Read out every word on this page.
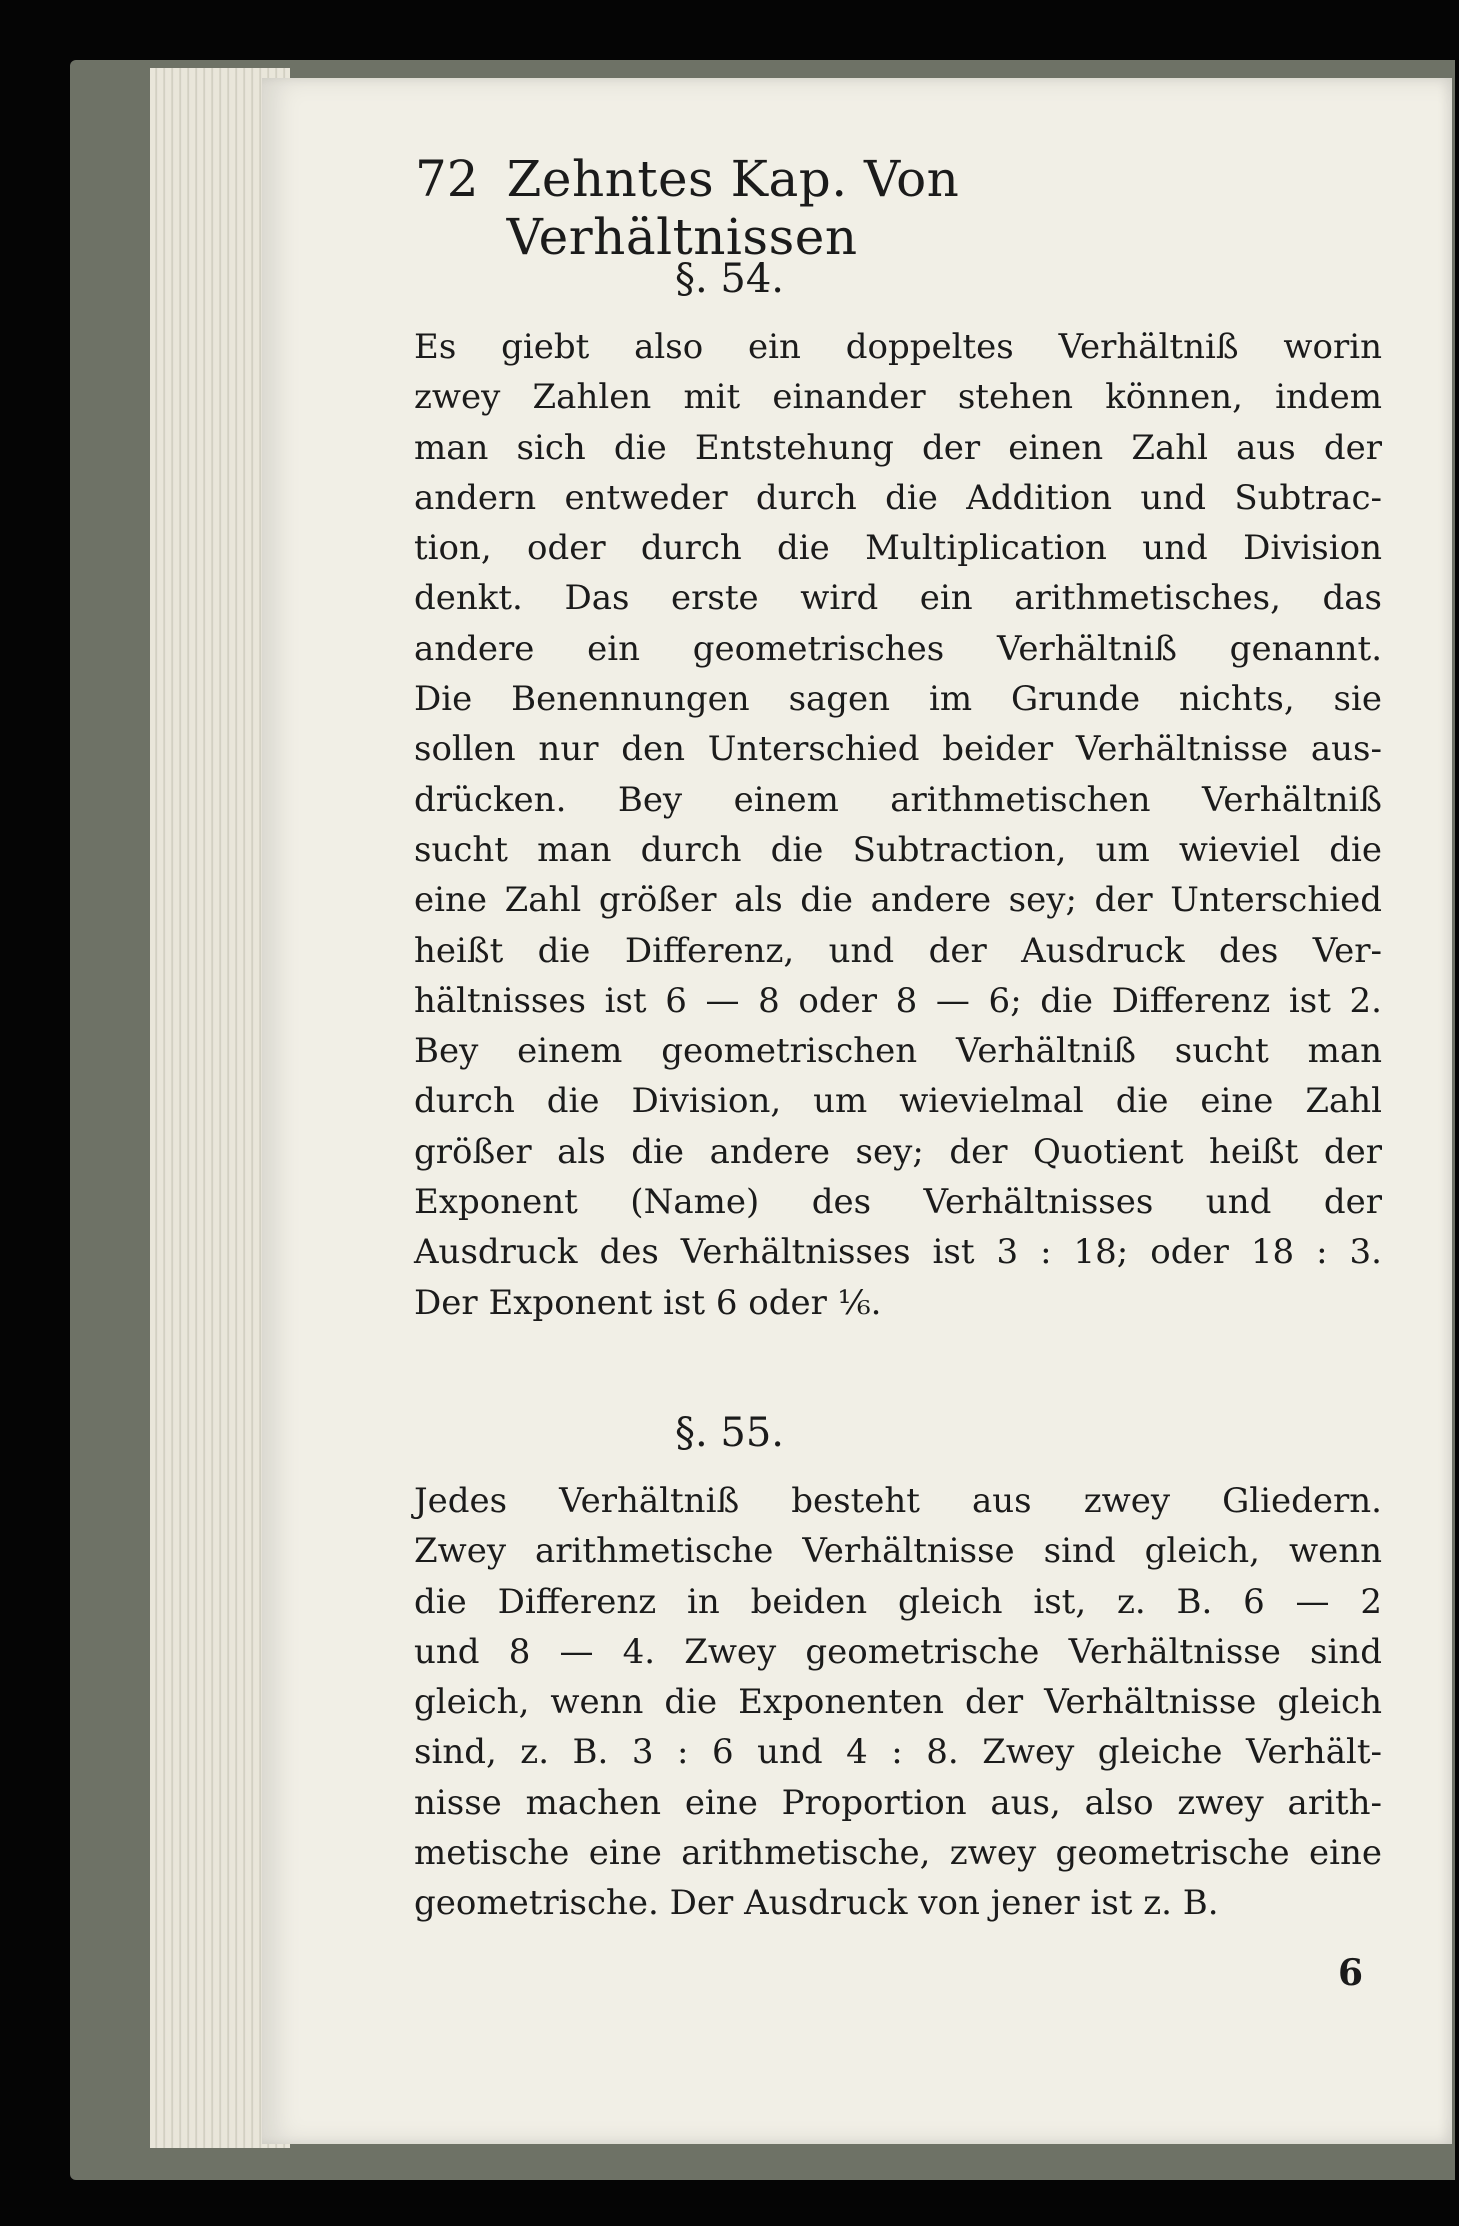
72 Zehntes Kap. Von Verhältnissen
§. 54.
Es giebt also ein doppeltes Verhältniß worin
zwey Zahlen mit einander stehen können, indem
man sich die Entstehung der einen Zahl aus der
andern entweder durch die Addition und Subtrac-
tion, oder durch die Multiplication und Division
denkt. Das erste wird ein arithmetisches, das
andere ein geometrisches Verhältniß genannt.
Die Benennungen sagen im Grunde nichts, sie
sollen nur den Unterschied beider Verhältnisse aus-
drücken. Bey einem arithmetischen Verhältniß
sucht man durch die Subtraction, um wieviel die
eine Zahl größer als die andere sey; der Unterschied
heißt die Differenz, und der Ausdruck des Ver-
hältnisses ist 6 — 8 oder 8 — 6; die Differenz ist 2.
Bey einem geometrischen Verhältniß sucht man
durch die Division, um wievielmal die eine Zahl
größer als die andere sey; der Quotient heißt der
Exponent (Name) des Verhältnisses und der
Ausdruck des Verhältnisses ist 3 : 18; oder 18 : 3.
Der Exponent ist 6 oder ⅙.
§. 55.
Jedes Verhältniß besteht aus zwey Gliedern.
Zwey arithmetische Verhältnisse sind gleich, wenn
die Differenz in beiden gleich ist, z. B. 6 — 2
und 8 — 4. Zwey geometrische Verhältnisse sind
gleich, wenn die Exponenten der Verhältnisse gleich
sind, z. B. 3 : 6 und 4 : 8. Zwey gleiche Verhält-
nisse machen eine Proportion aus, also zwey arith-
metische eine arithmetische, zwey geometrische eine
geometrische. Der Ausdruck von jener ist z. B.
6
